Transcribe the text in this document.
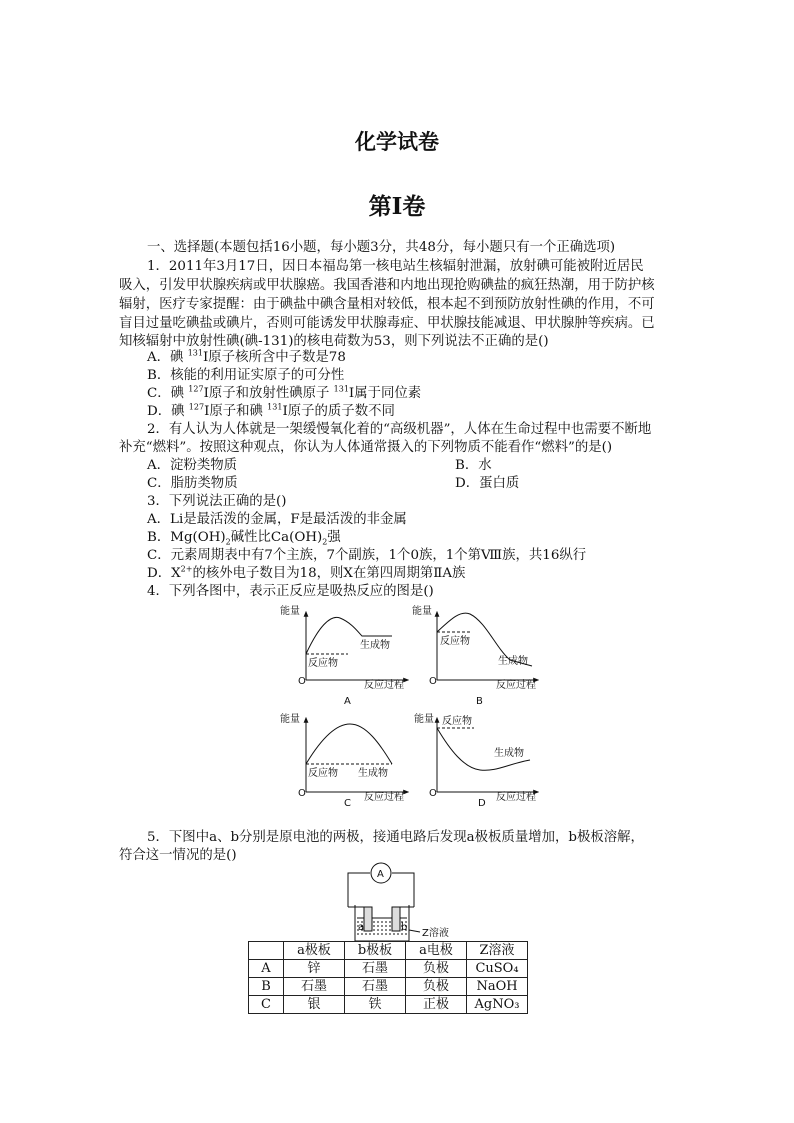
化学试卷
第Ⅰ卷
一、选择题(本题包括16小题，每小题3分，共48分，每小题只有一个正确选项)
1．2011年3月17日，因日本福岛第一核电站生核辐射泄漏，放射碘可能被附近居民
吸入，引发甲状腺疾病或甲状腺癌。我国香港和内地出现抢购碘盐的疯狂热潮，用于防护核
辐射，医疗专家提醒：由于碘盐中碘含量相对较低，根本起不到预防放射性碘的作用，不可
盲目过量吃碘盐或碘片，否则可能诱发甲状腺毒症、甲状腺技能减退、甲状腺肿等疾病。已
知核辐射中放射性碘(碘-131)的核电荷数为53，则下列说法不正确的是()
A．碘 $^{131}$I原子核所含中子数是78
B．核能的利用证实原子的可分性
C．碘 $^{127}$I原子和放射性碘原子 $^{131}$I属于同位素
D．碘 $^{127}$I原子和碘 $^{131}$I原子的质子数不同
2．有人认为人体就是一架缓慢氧化着的“高级机器”，人体在生命过程中也需要不断地
补充“燃料”。按照这种观点，你认为人体通常摄入的下列物质不能看作“燃料”的是()
A．淀粉类物质	B．水
C．脂肪类物质	D．蛋白质
3．下列说法正确的是()
A．Li是最活泼的金属，F是最活泼的非金属
B．$Mg(OH)_2$碱性比$Ca(OH)_2$强
C．元素周期表中有7个主族，7个副族，1个0族，1个第Ⅷ族，共16纵行
D．$X^{2+}$的核外电子数目为18，则X在第四周期第ⅡA族
4．下列各图中，表示正反应是吸热反应的图是()
能量
O
反应物
生成物
反应过程
A
能量
O
反应物
生成物
反应过程
B
能量
O
反应物 生成物
反应过程
C
能量
O
反应物
生成物
反应过程
D
A
a	b
Z溶液
5．下图中a、b分别是原电池的两极，接通电路后发现a极板质量增加，b极板溶解，
符合这一情况的是()
	a极板	b极板	a电极	Z溶液
A	锌	石墨	负极	CuSO₄
B	石墨	石墨	负极	NaOH
C	银	铁	正极	AgNO₃
